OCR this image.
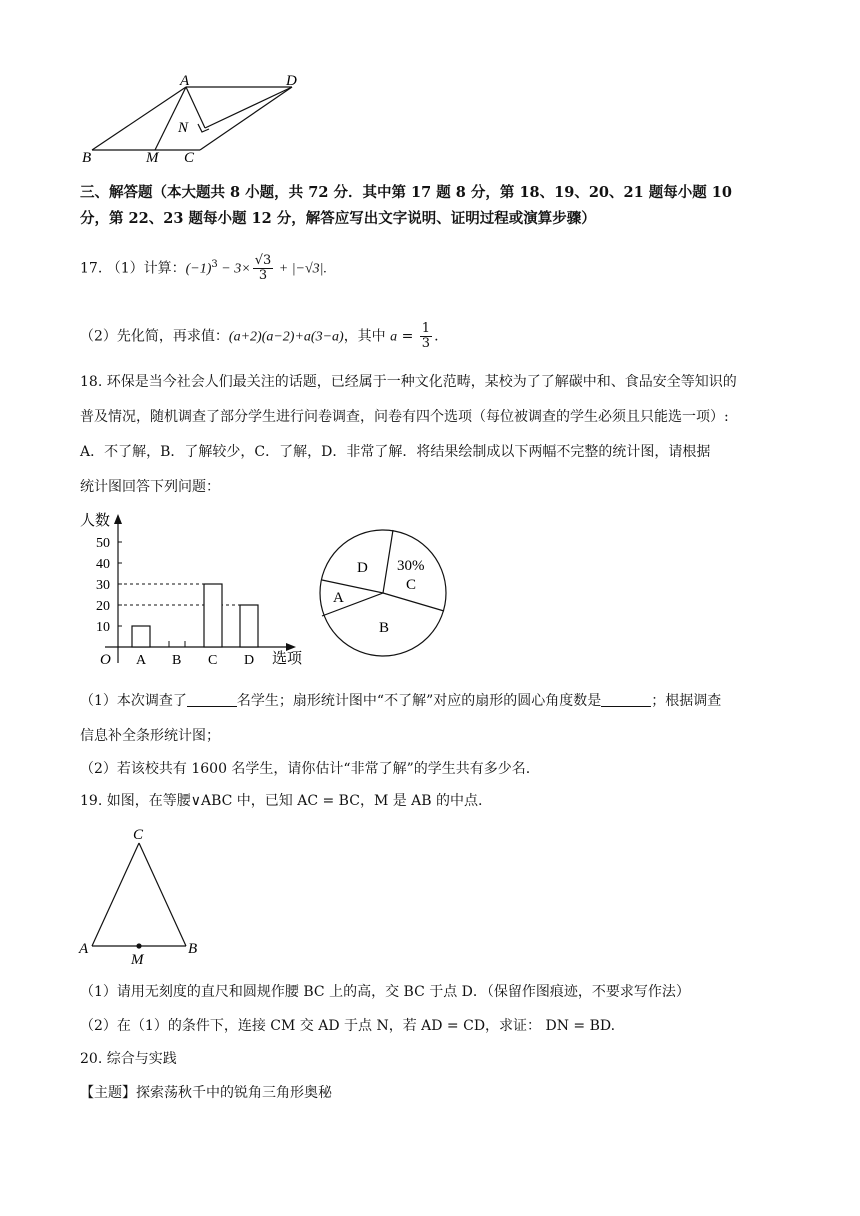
A	D
N
B	M C
三、解答题（本大题共 8 小题，共 72 分．其中第 17 题 8 分，第 18、19、20、21 题每小题 10
分，第 22、23 题每小题 12 分，解答应写出文字说明、证明过程或演算步骤）
17. （1）计算：$(-1)^3 - 3\times \frac{√3}{3} + |-√3|$.
（2）先化简，再求值：(a+2)(a−2)+a(3−a)，其中 $a = \frac{1}{3}$ .
18. 环保是当今社会人们最关注的话题，已经属于一种文化范畴，某校为了了解碳中和、食品安全等知识的
普及情况，随机调查了部分学生进行问卷调查，问卷有四个选项（每位被调查的学生必须且只能选一项）:
A．不了解，B．了解较少，C．了解，D．非常了解．将结果绘制成以下两幅不完整的统计图，请根据
统计图回答下列问题：
人数
选项
O
10
20
30
40
50
A B C D
D 30%
C
A
B
（1）本次调查了	名学生；扇形统计图中“不了解”对应的扇形的圆心角度数是	；根据调查
信息补全条形统计图；
（2）若该校共有 1600 名学生，请你估计“非常了解”的学生共有多少名.
19. 如图，在等腰∨ABC 中，已知 AC = BC，M 是 AB 的中点.
C
A	B
M
（1）请用无刻度的直尺和圆规作腰 BC 上的高，交 BC 于点 D．（保留作图痕迹，不要求写作法）
（2）在（1）的条件下，连接 CM 交 AD 于点 N，若 AD = CD，求证： DN = BD.
20. 综合与实践
【主题】探索荡秋千中的锐角三角形奥秘
